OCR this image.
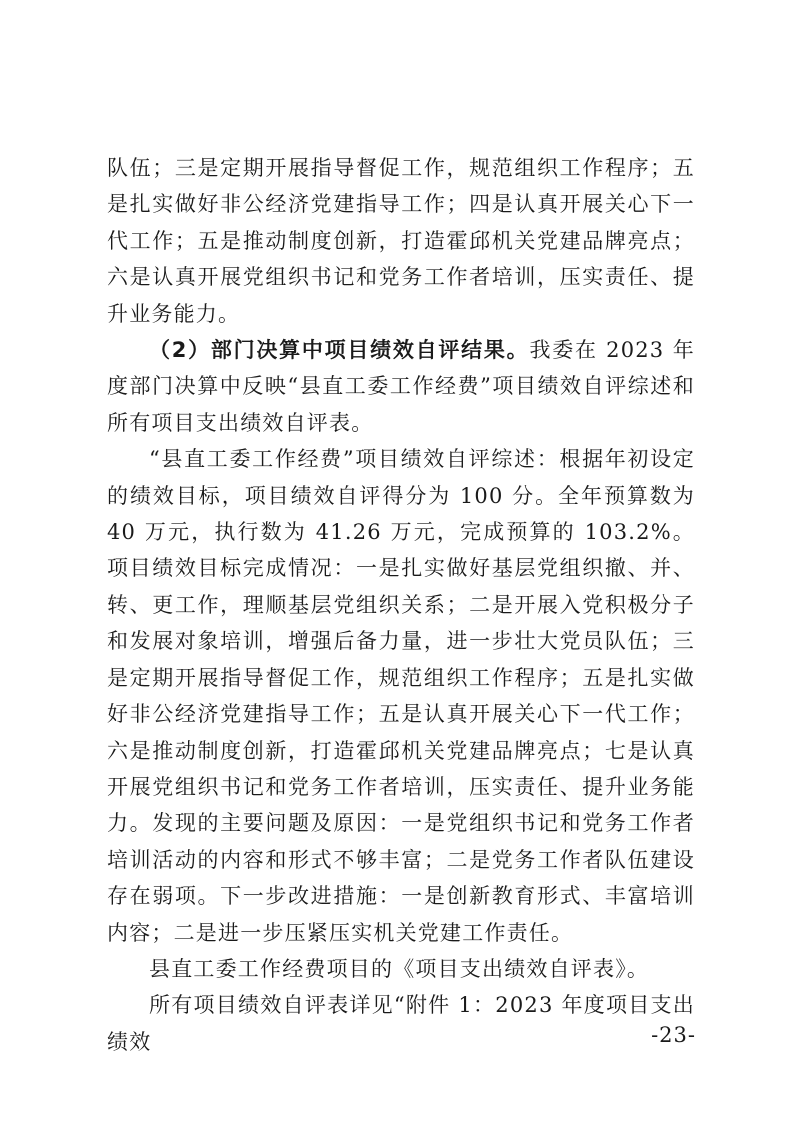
队伍；三是定期开展指导督促工作，规范组织工作程序；五是扎实做好非公经济党建指导工作；四是认真开展关心下一代工作；五是推动制度创新，打造霍邱机关党建品牌亮点；六是认真开展党组织书记和党务工作者培训，压实责任、提升业务能力。

（2）部门决算中项目绩效自评结果。我委在 2023 年度部门决算中反映“县直工委工作经费”项目绩效自评综述和所有项目支出绩效自评表。

“县直工委工作经费”项目绩效自评综述：根据年初设定的绩效目标，项目绩效自评得分为 100 分。全年预算数为 40 万元，执行数为 41.26 万元，完成预算的 103.2%。项目绩效目标完成情况：一是扎实做好基层党组织撤、并、转、更工作，理顺基层党组织关系；二是开展入党积极分子和发展对象培训，增强后备力量，进一步壮大党员队伍；三是定期开展指导督促工作，规范组织工作程序；五是扎实做好非公经济党建指导工作；五是认真开展关心下一代工作；六是推动制度创新，打造霍邱机关党建品牌亮点；七是认真开展党组织书记和党务工作者培训，压实责任、提升业务能力。发现的主要问题及原因：一是党组织书记和党务工作者培训活动的内容和形式不够丰富；二是党务工作者队伍建设存在弱项。下一步改进措施：一是创新教育形式、丰富培训内容；二是进一步压紧压实机关党建工作责任。

县直工委工作经费项目的《项目支出绩效自评表》。

所有项目绩效自评表详见“附件 1：2023 年度项目支出绩效	-23-
